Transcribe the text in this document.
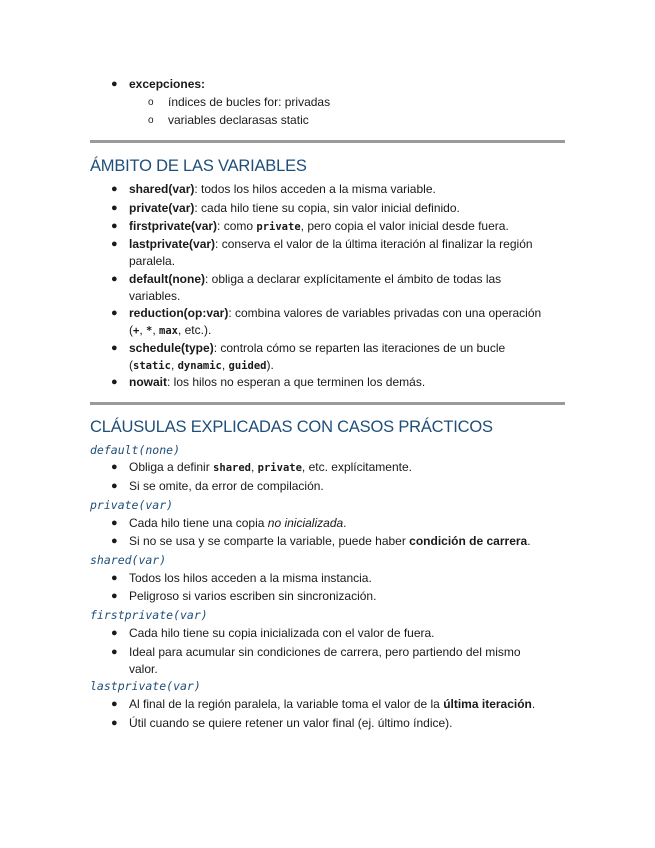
● excepciones:
o índices de bucles for: privadas
o variables declarasas static
ÁMBITO DE LAS VARIABLES
● shared(var): todos los hilos acceden a la misma variable.
● private(var): cada hilo tiene su copia, sin valor inicial definido.
● firstprivate(var): como private, pero copia el valor inicial desde fuera.
● lastprivate(var): conserva el valor de la última iteración al finalizar la región
paralela.
● default(none): obliga a declarar explícitamente el ámbito de todas las
variables.
● reduction(op:var): combina valores de variables privadas con una operación
(+, *, max, etc.).
● schedule(type): controla cómo se reparten las iteraciones de un bucle
(static, dynamic, guided).
● nowait: los hilos no esperan a que terminen los demás.
CLÁUSULAS EXPLICADAS CON CASOS PRÁCTICOS
default(none)
● Obliga a definir shared, private, etc. explícitamente.
● Si se omite, da error de compilación.
private(var)
● Cada hilo tiene una copia no inicializada.
● Si no se usa y se comparte la variable, puede haber condición de carrera.
shared(var)
● Todos los hilos acceden a la misma instancia.
● Peligroso si varios escriben sin sincronización.
firstprivate(var)
● Cada hilo tiene su copia inicializada con el valor de fuera.
● Ideal para acumular sin condiciones de carrera, pero partiendo del mismo
valor.
lastprivate(var)
● Al final de la región paralela, la variable toma el valor de la última iteración.
● Útil cuando se quiere retener un valor final (ej. último índice).
